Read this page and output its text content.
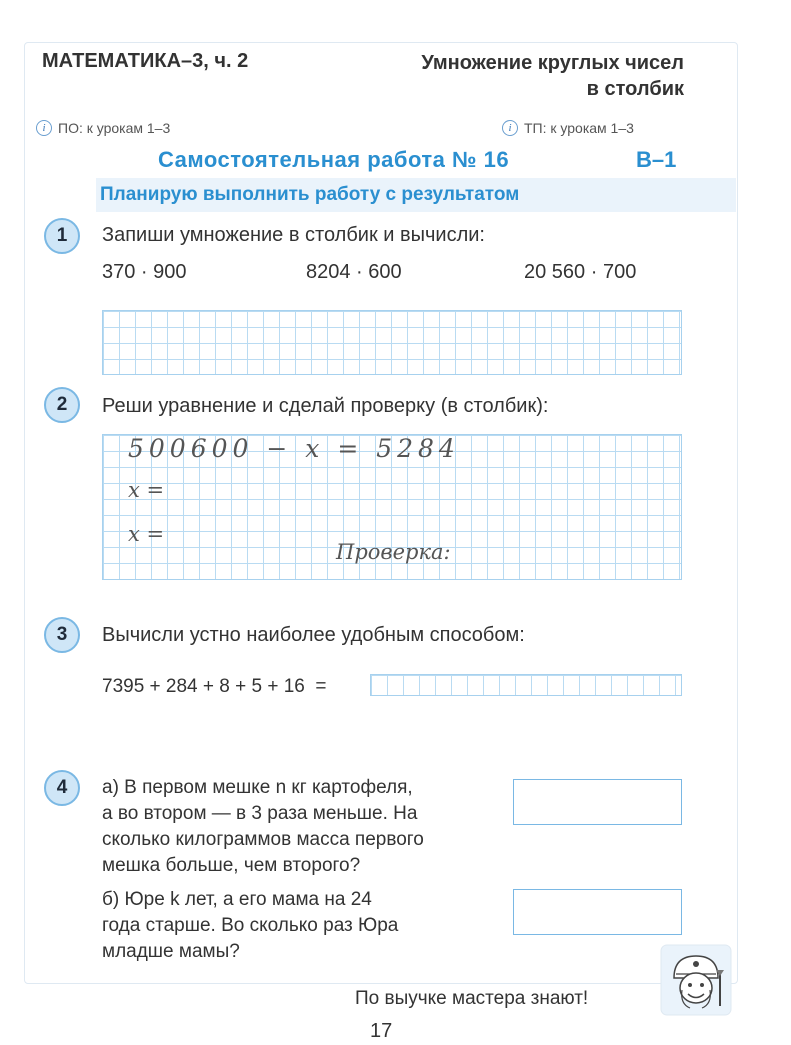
МАТЕМАТИКА–3, ч. 2	Умножение круглых чисел
в столбик
i ПО: к урокам 1–3	i ТП: к урокам 1–3
Самостоятельная работа № 16	В–1
Планирую выполнить работу с результатом
1	Запиши умножение в столбик и вычисли:
370 · 900	8204 · 600	20 560 · 700
2	Реши уравнение и сделай проверку (в столбик):
500600 − x = 5284
x =
x =
Проверка:
3	Вычисли устно наиболее удобным способом:
7395 + 284 + 8 + 5 + 16  =
4	а) В первом мешке n кг картофеля,
а во втором — в 3 раза меньше. На
сколько килограммов масса первого
мешка больше, чем второго?
б) Юре k лет, а его мама на 24
года старше. Во сколько раз Юра
младше мамы?
По выучке мастера знают!
17
